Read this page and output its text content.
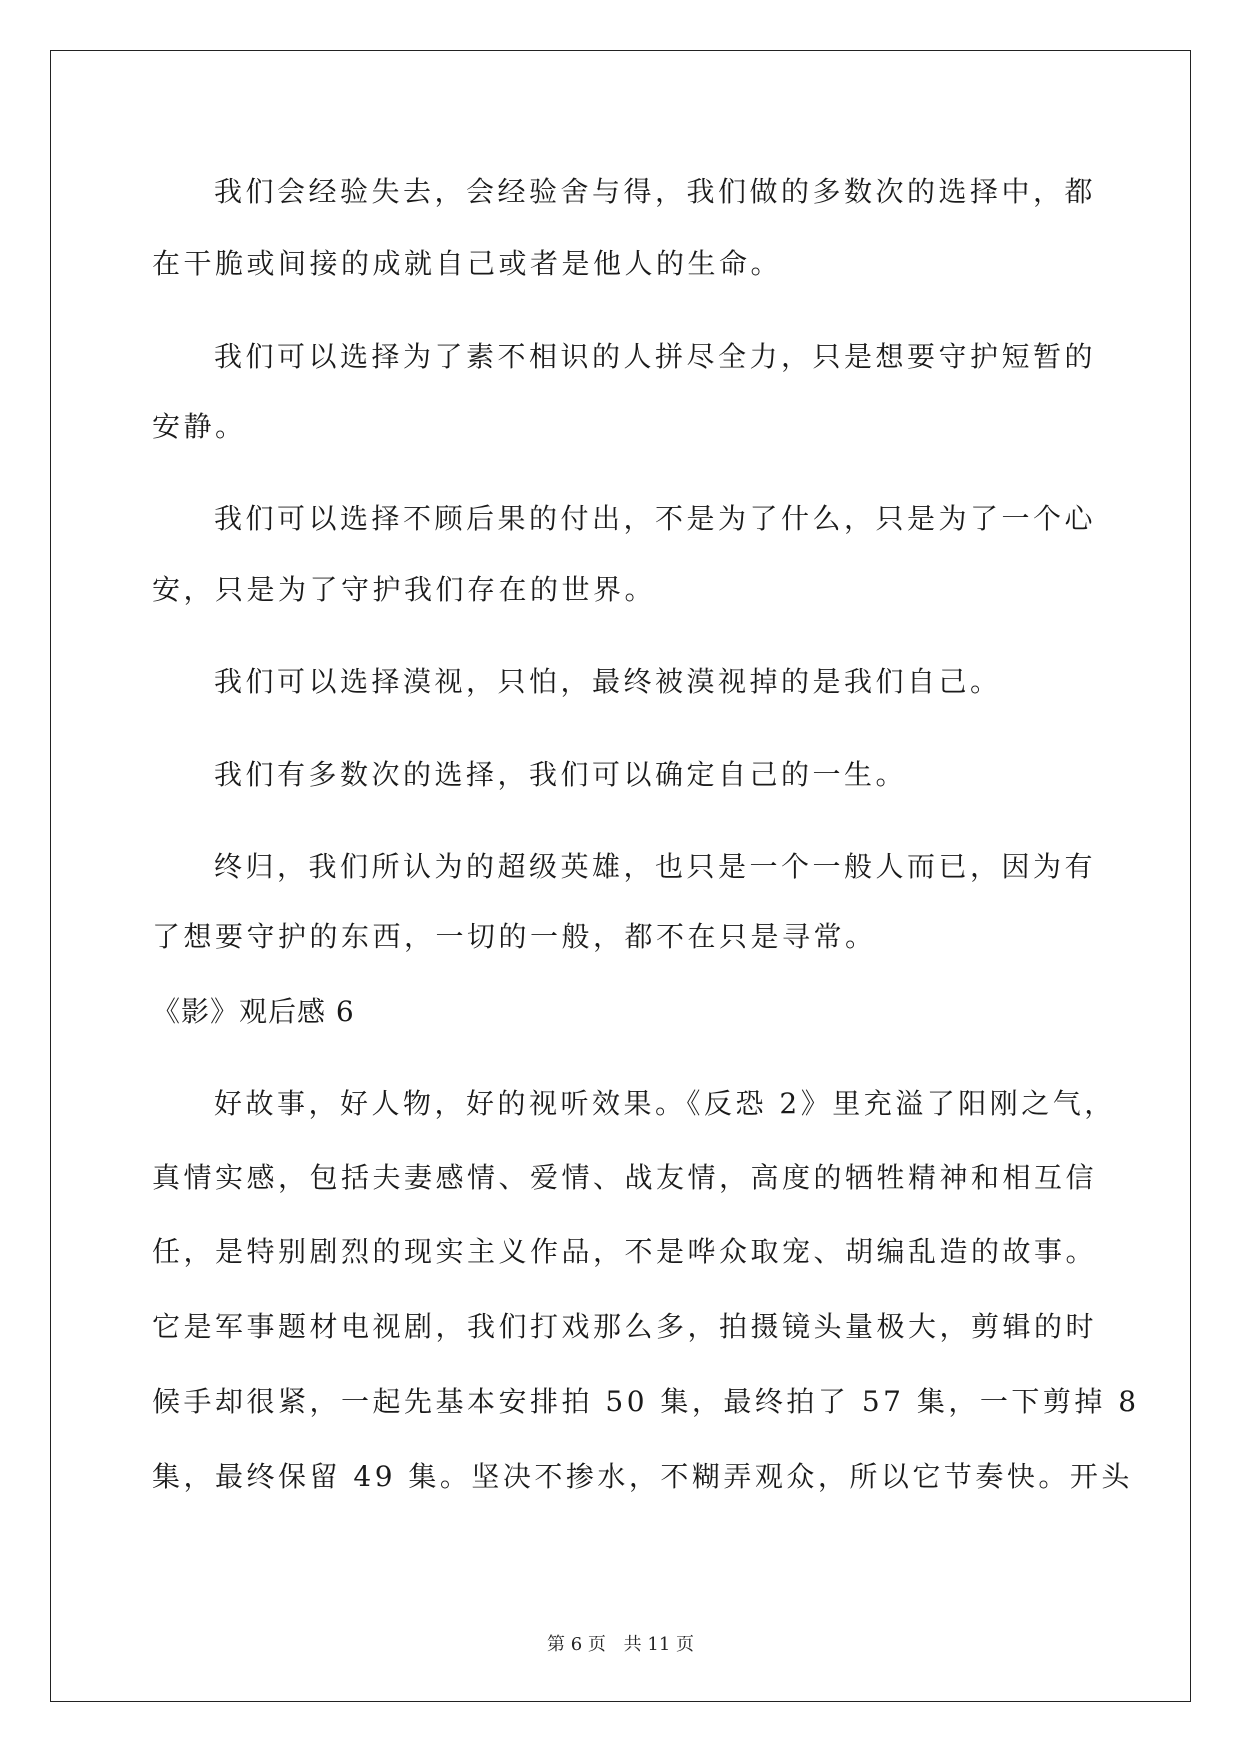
我们会经验失去，会经验舍与得，我们做的多数次的选择中，都

在干脆或间接的成就自己或者是他人的生命。

我们可以选择为了素不相识的人拼尽全力，只是想要守护短暂的

安静。

我们可以选择不顾后果的付出，不是为了什么，只是为了一个心

安，只是为了守护我们存在的世界。

我们可以选择漠视，只怕，最终被漠视掉的是我们自己。

我们有多数次的选择，我们可以确定自己的一生。

终归，我们所认为的超级英雄，也只是一个一般人而已，因为有

了想要守护的东西，一切的一般，都不在只是寻常。

《影》观后感 6

好故事，好人物，好的视听效果。《反恐 2》里充溢了阳刚之气，

真情实感，包括夫妻感情、爱情、战友情，高度的牺牲精神和相互信

任，是特别剧烈的现实主义作品，不是哗众取宠、胡编乱造的故事。

它是军事题材电视剧，我们打戏那么多，拍摄镜头量极大，剪辑的时

候手却很紧，一起先基本安排拍 50 集，最终拍了 57 集，一下剪掉 8

集，最终保留 49 集。坚决不掺水，不糊弄观众，所以它节奏快。开头

第 6 页 共 11 页
